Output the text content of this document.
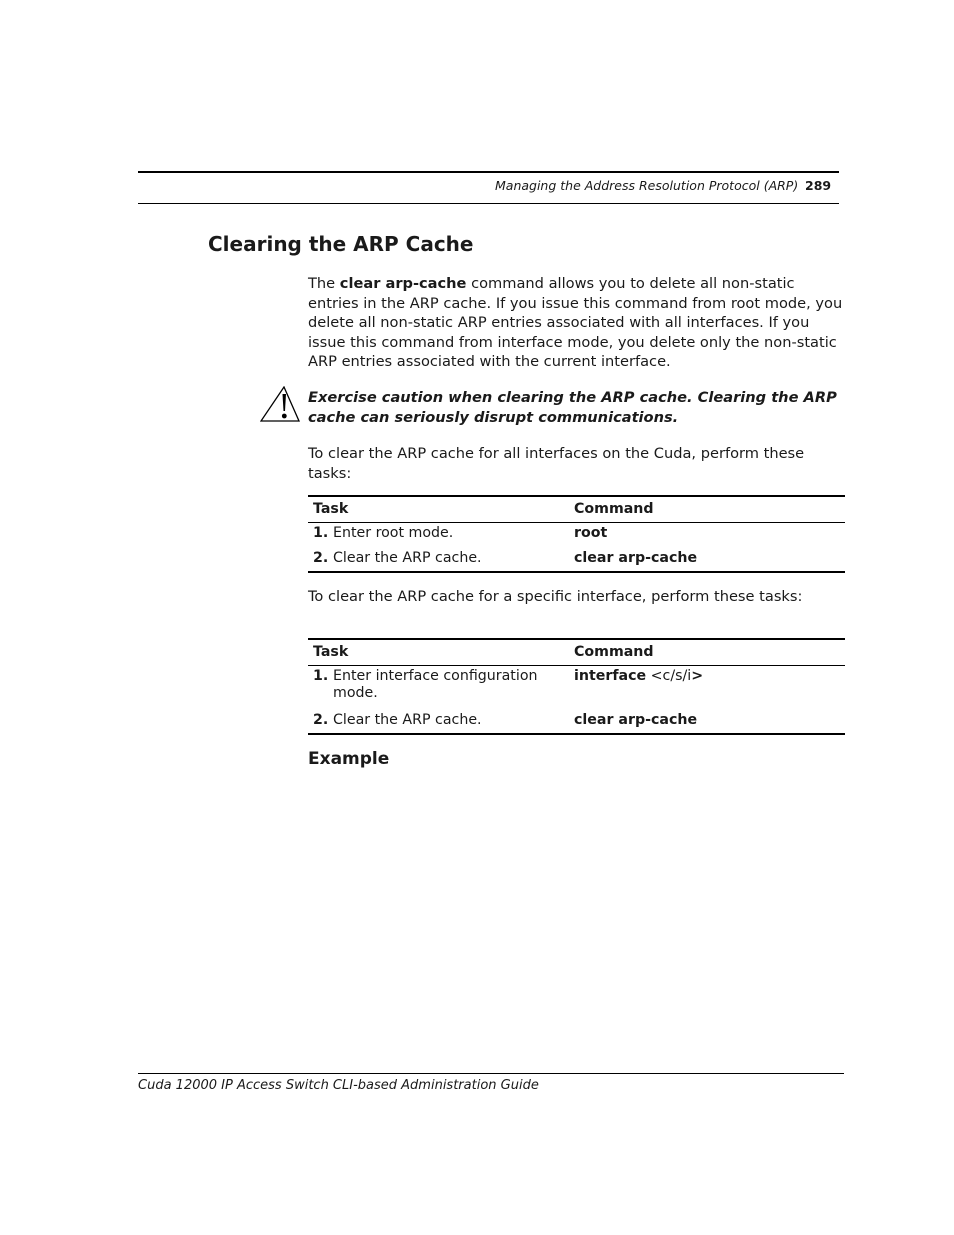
Managing the Address Resolution Protocol (ARP) 289
Clearing the ARP Cache

The clear arp-cache command allows you to delete all non-static entries in the ARP cache. If you issue this command from root mode, you delete all non-static ARP entries associated with all interfaces. If you issue this command from interface mode, you delete only the non-static ARP entries associated with the current interface.

Exercise caution when clearing the ARP cache. Clearing the ARP cache can seriously disrupt communications.

To clear the ARP cache for all interfaces on the Cuda, perform these tasks:

Task	Command

1. Enter root mode.	root

2. Clear the ARP cache.	clear arp-cache

To clear the ARP cache for a specific interface, perform these tasks:

Task	Command

1. Enter interface configuration mode.	interface <c/s/i>

2. Clear the ARP cache.	clear arp-cache
Example
Cuda 12000 IP Access Switch CLI-based Administration Guide
